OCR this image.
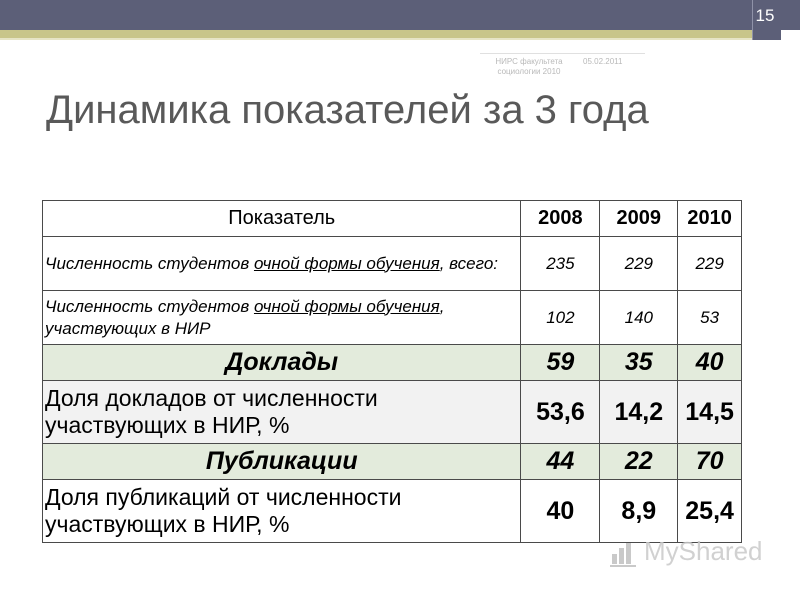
15
НИРС факультета социологии 2010
05.02.2011
Динамика показателей за 3 года
Показатель	2008	2009	2010
Численность студентов очной формы обучения, всего:	235	229	229
Численность студентов очной формы обучения, участвующих в НИР	102	140	53
Доклады	59	35	40
Доля докладов от численности участвующих в НИР, %	53,6	14,2	14,5
Публикации	44	22	70
Доля публикаций от численности участвующих в НИР, %	40	8,9	25,4
MyShared
